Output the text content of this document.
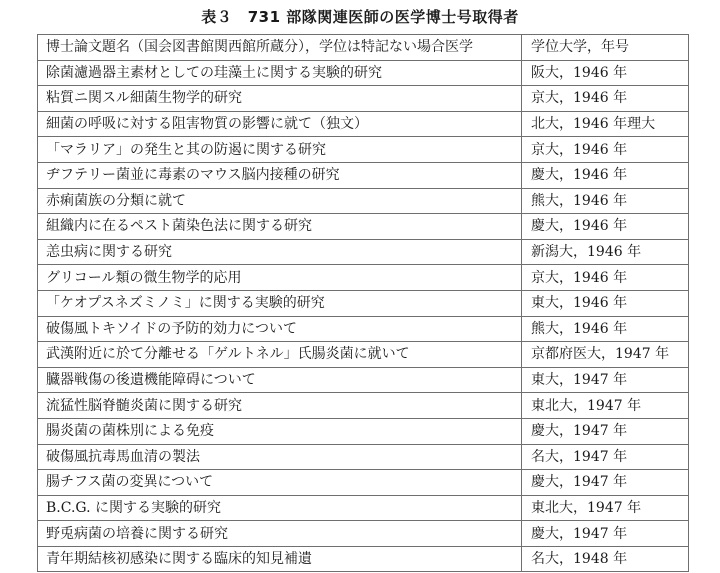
表３　731 部隊関連医師の医学博士号取得者
博士論文題名（国会図書館関西館所蔵分），学位は特記ない場合医学	学位大学，年号
除菌濾過器主素材としての珪藻土に関する実験的研究	阪大，1946 年
粘質ニ関スル細菌生物学的研究	京大，1946 年
細菌の呼吸に対する阻害物質の影響に就て（独文）	北大，1946 年理大
「マラリア」の発生と其の防遏に関する研究	京大，1946 年
ヂフテリー菌並に毒素のマウス脳内接種の研究	慶大，1946 年
赤痢菌族の分類に就て	熊大，1946 年
組織内に在るペスト菌染色法に関する研究	慶大，1946 年
恙虫病に関する研究	新潟大，1946 年
グリコール類の微生物学的応用	京大，1946 年
「ケオプスネズミノミ」に関する実験的研究	東大，1946 年
破傷風トキソイドの予防的効力について	熊大，1946 年
武漢附近に於て分離せる「ゲルトネル」氏腸炎菌に就いて	京都府医大，1947 年
臓器戦傷の後遺機能障碍について	東大，1947 年
流猛性脳脊髄炎菌に関する研究	東北大，1947 年
腸炎菌の菌株別による免疫	慶大，1947 年
破傷風抗毒馬血清の製法	名大，1947 年
腸チフス菌の変異について	慶大，1947 年
B.C.G. に関する実験的研究	東北大，1947 年
野兎病菌の培養に関する研究	慶大，1947 年
青年期結核初感染に関する臨床的知見補遺	名大，1948 年
